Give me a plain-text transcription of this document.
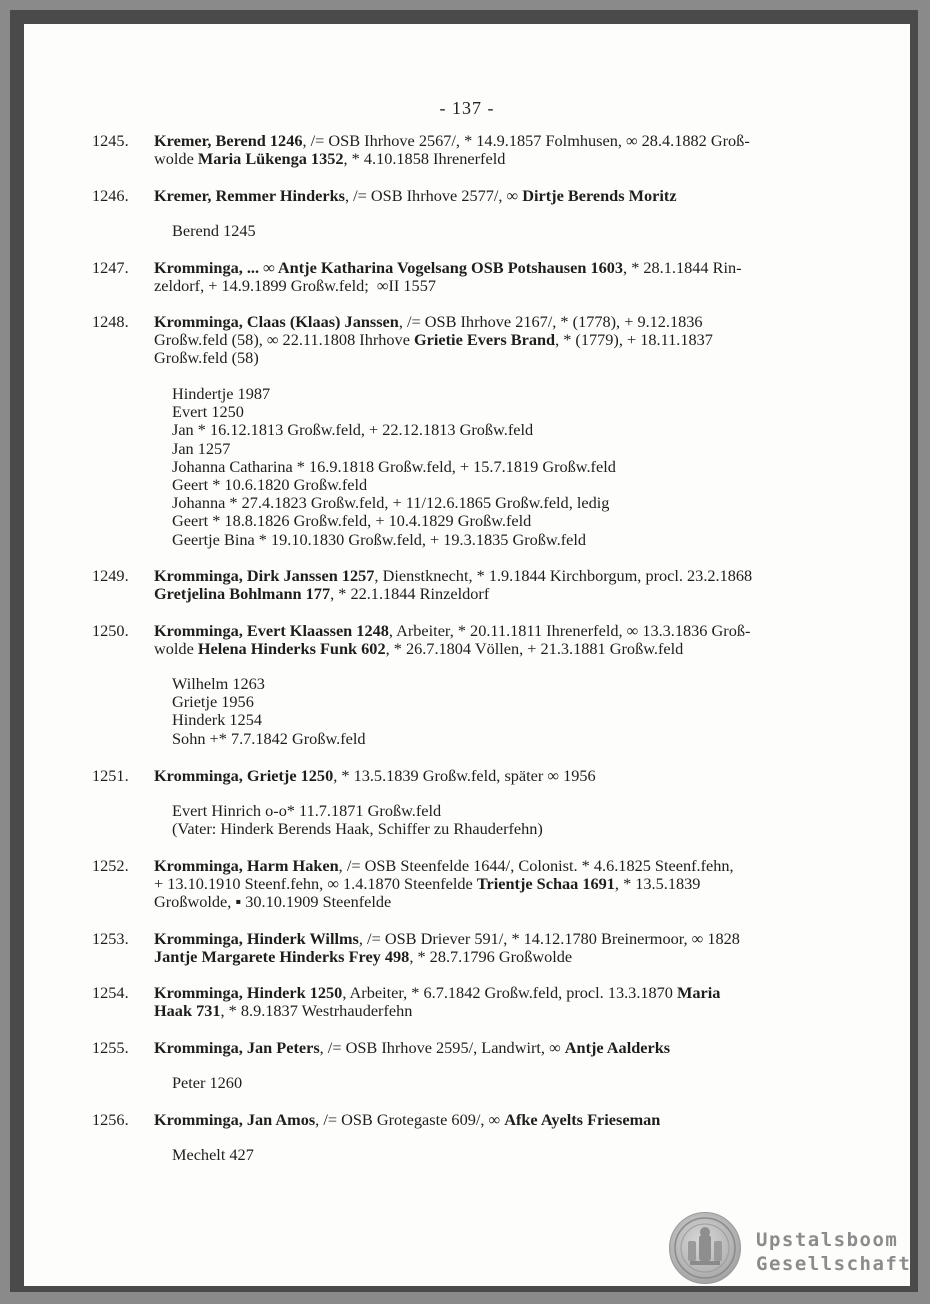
- 137 -
1245.	Kremer, Berend 1246, /= OSB Ihrhove 2567/, * 14.9.1857 Folmhusen, ∞ 28.4.1882 Groß-
wolde Maria Lükenga 1352, * 4.10.1858 Ihrenerfeld
1246.	Kremer, Remmer Hinderks, /= OSB Ihrhove 2577/, ∞ Dirtje Berends Moritz
Berend 1245
1247.	Kromminga, ... ∞ Antje Katharina Vogelsang OSB Potshausen 1603, * 28.1.1844 Rin-
zeldorf, + 14.9.1899 Großw.feld;  ∞II 1557
1248.	Kromminga, Claas (Klaas) Janssen, /= OSB Ihrhove 2167/, * (1778), + 9.12.1836
Großw.feld (58), ∞ 22.11.1808 Ihrhove Grietie Evers Brand, * (1779), + 18.11.1837
Großw.feld (58)
Hindertje 1987
Evert 1250
Jan * 16.12.1813 Großw.feld, + 22.12.1813 Großw.feld
Jan 1257
Johanna Catharina * 16.9.1818 Großw.feld, + 15.7.1819 Großw.feld
Geert * 10.6.1820 Großw.feld
Johanna * 27.4.1823 Großw.feld, + 11/12.6.1865 Großw.feld, ledig
Geert * 18.8.1826 Großw.feld, + 10.4.1829 Großw.feld
Geertje Bina * 19.10.1830 Großw.feld, + 19.3.1835 Großw.feld
1249.	Kromminga, Dirk Janssen 1257, Dienstknecht, * 1.9.1844 Kirchborgum, procl. 23.2.1868
Gretjelina Bohlmann 177, * 22.1.1844 Rinzeldorf
1250.	Kromminga, Evert Klaassen 1248, Arbeiter, * 20.11.1811 Ihrenerfeld, ∞ 13.3.1836 Groß-
wolde Helena Hinderks Funk 602, * 26.7.1804 Völlen, + 21.3.1881 Großw.feld
Wilhelm 1263
Grietje 1956
Hinderk 1254
Sohn +* 7.7.1842 Großw.feld
1251.	Kromminga, Grietje 1250, * 13.5.1839 Großw.feld, später ∞ 1956
Evert Hinrich o-o* 11.7.1871 Großw.feld
(Vater: Hinderk Berends Haak, Schiffer zu Rhauderfehn)
1252.	Kromminga, Harm Haken, /= OSB Steenfelde 1644/, Colonist. * 4.6.1825 Steenf.fehn,
+ 13.10.1910 Steenf.fehn, ∞ 1.4.1870 Steenfelde Trientje Schaa 1691, * 13.5.1839
Großwolde, ▪ 30.10.1909 Steenfelde
1253.	Kromminga, Hinderk Willms, /= OSB Driever 591/, * 14.12.1780 Breinermoor, ∞ 1828
Jantje Margarete Hinderks Frey 498, * 28.7.1796 Großwolde
1254.	Kromminga, Hinderk 1250, Arbeiter, * 6.7.1842 Großw.feld, procl. 13.3.1870 Maria
Haak 731, * 8.9.1837 Westrhauderfehn
1255.	Kromminga, Jan Peters, /= OSB Ihrhove 2595/, Landwirt, ∞ Antje Aalderks
Peter 1260
1256.	Kromminga, Jan Amos, /= OSB Grotegaste 609/, ∞ Afke Ayelts Frieseman
Mechelt 427
Upstalsboom
Gesellschaft
